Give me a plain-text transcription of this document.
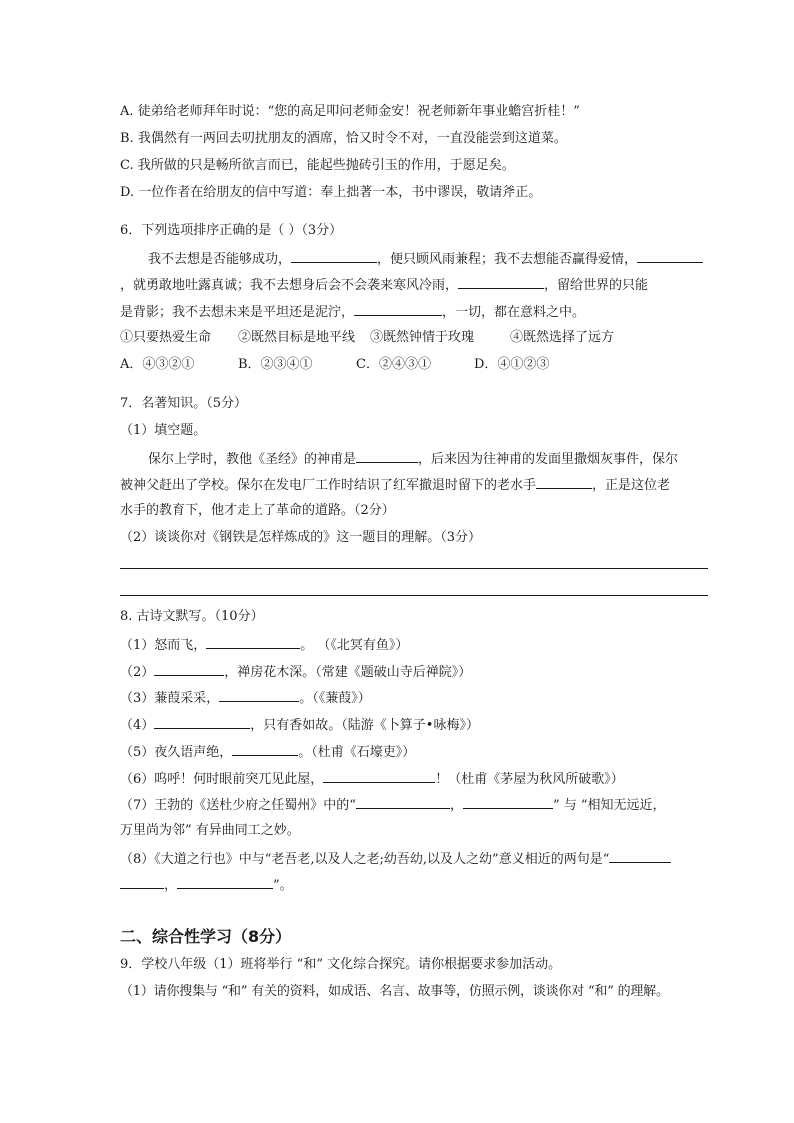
A. 徒弟给老师拜年时说：“您的高足叩问老师金安！祝老师新年事业蟾宫折桂！”
B. 我偶然有一两回去叨扰朋友的酒席，恰又时令不对，一直没能尝到这道菜。
C. 我所做的只是畅所欲言而已，能起些抛砖引玉的作用，于愿足矣。
D. 一位作者在给朋友的信中写道：奉上拙著一本，书中谬误，敬请斧正。
6．下列选项排序正确的是（ ）（3分）
我不去想是否能够成功，	，便只顾风雨兼程；我不去想能否赢得爱情，
，就勇敢地吐露真诚；我不去想身后会不会袭来寒风冷雨，	，留给世界的只能
是背影；我不去想未来是平坦还是泥泞，	，一切，都在意料之中。
①只要热爱生命 ②既然目标是地平线 ③既然钟情于玫瑰	④既然选择了远方
A．④③②①	B．②③④①	C．②④③①	D．④①②③
7．名著知识。（5分）
（1）填空题。
保尔上学时，教他《圣经》的神甫是	，后来因为往神甫的发面里撒烟灰事件，保尔
被神父赶出了学校。保尔在发电厂工作时结识了红军撤退时留下的老水手	，正是这位老
水手的教育下，他才走上了革命的道路。（2分）
（2）谈谈你对《钢铁是怎样炼成的》这一题目的理解。（3分）
8. 古诗文默写。（10分）
（1）怒而飞，	。 （《北冥有鱼》）
（2）	，禅房花木深。（常建《题破山寺后禅院》）
（3）蒹葭采采，	。（《蒹葭》）
（4）	，只有香如故。（陆游《卜算子•咏梅》）
（5）夜久语声绝，	。（杜甫《石壕吏》）
（6）呜呼！何时眼前突兀见此屋，	！（杜甫《茅屋为秋风所破歌》）
（7）王勃的《送杜少府之任蜀州》中的“	，	” 与 “相知无远近，
万里尚为邻” 有异曲同工之妙。
（8）《大道之行也》中与“老吾老,以及人之老;幼吾幼,以及人之幼”意义相近的两句是“
，	”。
二、综合性学习（8分）
9．学校八年级（1）班将举行 “和” 文化综合探究。请你根据要求参加活动。
（1）请你搜集与 “和” 有关的资料，如成语、名言、故事等，仿照示例，谈谈你对 “和” 的理解。
